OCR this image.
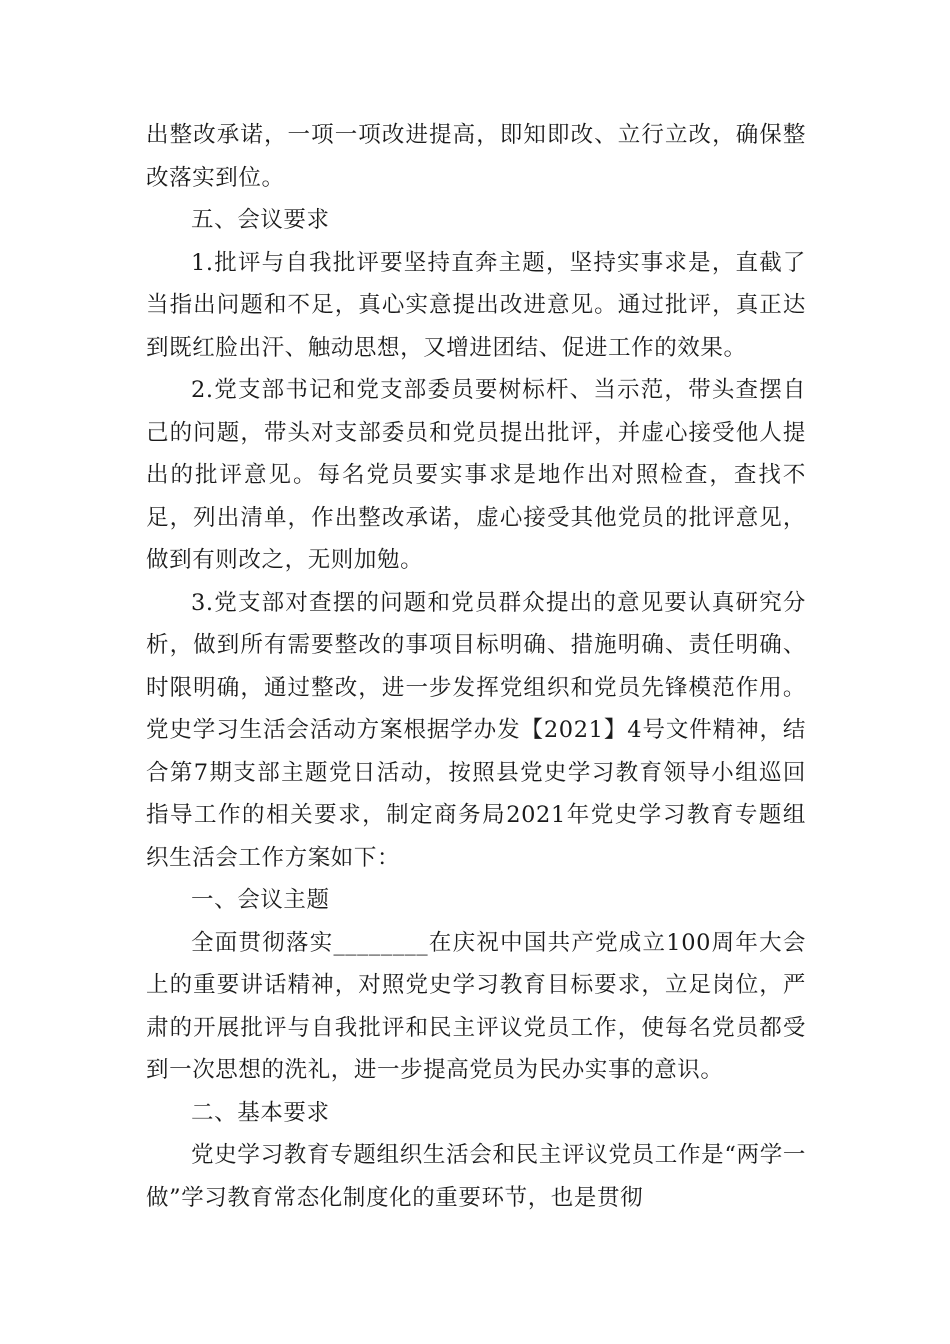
出整改承诺，一项一项改进提高，即知即改、立行立改，确保整改落实到位。

五、会议要求

1.批评与自我批评要坚持直奔主题，坚持实事求是，直截了当指出问题和不足，真心实意提出改进意见。通过批评，真正达到既红脸出汗、触动思想，又增进团结、促进工作的效果。

2.党支部书记和党支部委员要树标杆、当示范，带头查摆自己的问题，带头对支部委员和党员提出批评，并虚心接受他人提出的批评意见。每名党员要实事求是地作出对照检查，查找不足，列出清单，作出整改承诺，虚心接受其他党员的批评意见，做到有则改之，无则加勉。

3.党支部对查摆的问题和党员群众提出的意见要认真研究分析，做到所有需要整改的事项目标明确、措施明确、责任明确、时限明确，通过整改，进一步发挥党组织和党员先锋模范作用。党史学习生活会活动方案根据学办发【2021】4号文件精神，结合第7期支部主题党日活动，按照县党史学习教育领导小组巡回指导工作的相关要求，制定商务局2021年党史学习教育专题组织生活会工作方案如下：

一、会议主题

全面贯彻落实________在庆祝中国共产党成立100周年大会上的重要讲话精神，对照党史学习教育目标要求，立足岗位，严肃的开展批评与自我批评和民主评议党员工作，使每名党员都受到一次思想的洗礼，进一步提高党员为民办实事的意识。

二、基本要求

党史学习教育专题组织生活会和民主评议党员工作是“两学一做”学习教育常态化制度化的重要环节，也是贯彻
